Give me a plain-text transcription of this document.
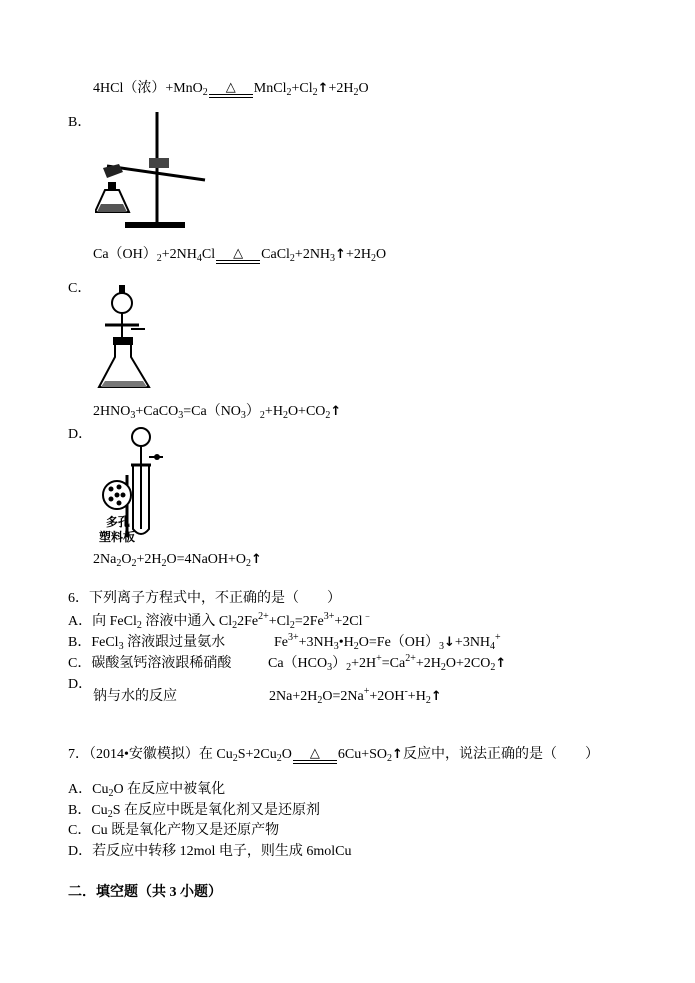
4HCl（浓）+MnO$_2$ △ $MnCl_2+Cl_2↑+2H_2O$
B．
$Ca(OH)_2+2NH_4Cl$ △ $CaCl_2+2NH_3↑+2H_2O$
C．
$2HNO_3+CaCO_3=Ca(NO_3)_2+H_2O+CO_2↑$
D．
多孔
塑料板
$2Na_2O_2+2H_2O=4NaOH+O_2↑$
6．下列离子方程式中，不正确的是（　　）
A．向 FeCl$_2$ 溶液中通入 $Cl_22Fe^{2+}+Cl_2=2Fe^{3+}+2Cl^﹣$
B．FeCl$_3$ 溶液跟过量氨水	$Fe^{3+}+3NH_3•H_2O=Fe(OH)_3↓+3NH_4^+$
C．碳酸氢钙溶液跟稀硝酸	$Ca(HCO_3)_2+2H^+=Ca^{2+}+2H_2O+2CO_2↑$
D．
钠与水的反应	$2Na+2H_2O=2Na^++2OH^-+H_2↑$
7．（2014•安徽模拟）在 $Cu_2S+2Cu_2O$ △ $6Cu+SO_2↑$反应中，说法正确的是（　　）
A．$Cu_2O$ 在反应中被氧化
B．$Cu_2S$ 在反应中既是氧化剂又是还原剂
C．Cu 既是氧化产物又是还原产物
D．若反应中转移 12mol 电子，则生成 6molCu
二．填空题（共 3 小题）
